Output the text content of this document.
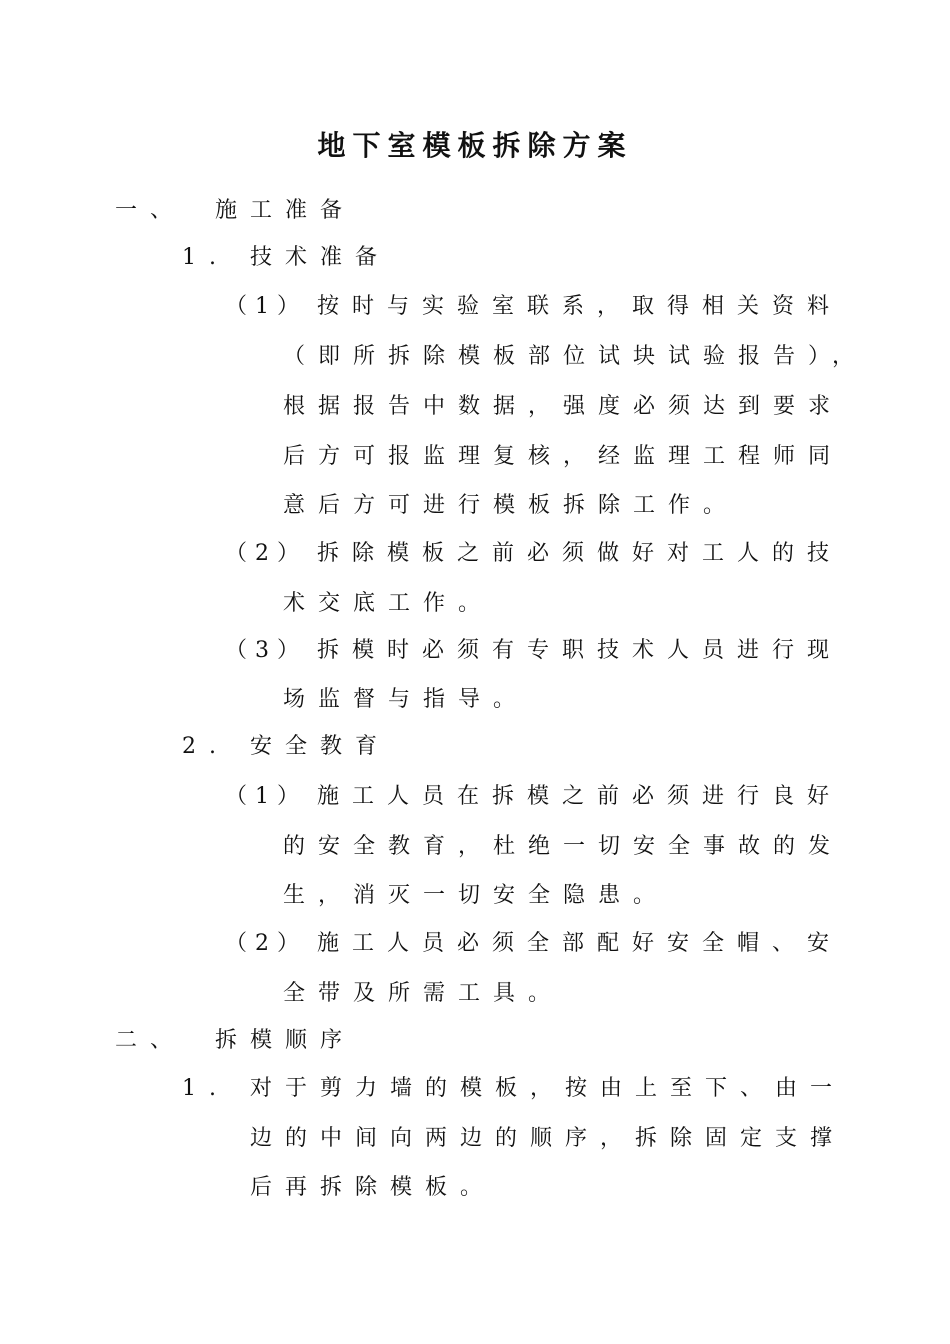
地下室模板拆除方案
一、 施工准备
1. 技术准备
（1） 按时与实验室联系，取得相关资料
（即所拆除模板部位试块试验报告），
根据报告中数据，强度必须达到要求
后方可报监理复核，经监理工程师同
意后方可进行模板拆除工作。
（2） 拆除模板之前必须做好对工人的技
术交底工作。
（3） 拆模时必须有专职技术人员进行现
场监督与指导。
2. 安全教育
（1） 施工人员在拆模之前必须进行良好
的安全教育，杜绝一切安全事故的发
生，消灭一切安全隐患。
（2） 施工人员必须全部配好安全帽、安
全带及所需工具。
二、 拆模顺序
1. 对于剪力墙的模板，按由上至下、由一
边的中间向两边的顺序，拆除固定支撑
后再拆除模板。
